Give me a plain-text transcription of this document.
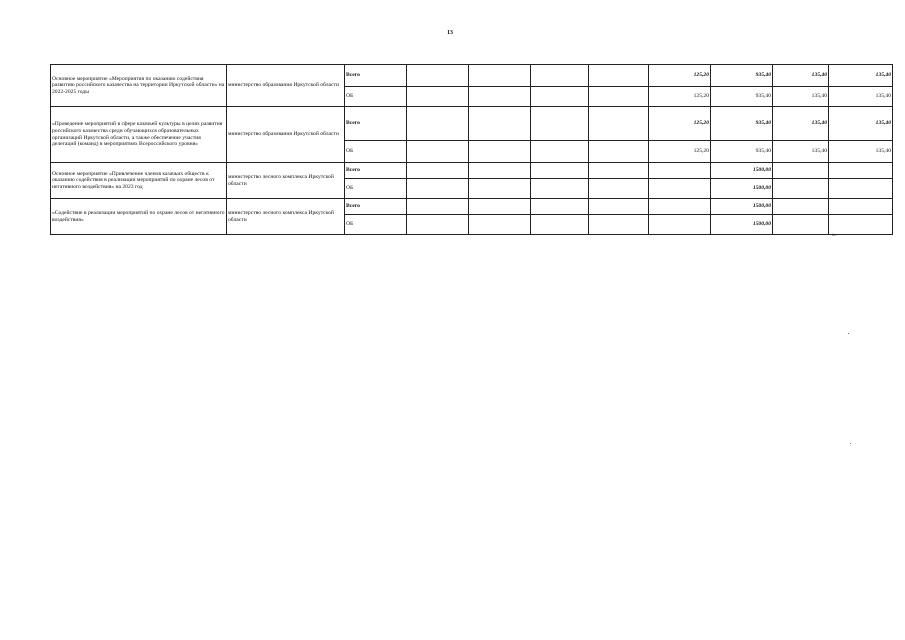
13
Основное мероприятие «Мероприятия по оказанию содействия развитию российского казачества на территории Иркутской области» на 2022-2025 годы	министерство образования Иркутской области	Всего					125,20	935,40	135,40	135,40
		ОБ					125,20	935,40	135,40	135,40
«Проведение мероприятий в сфере казачьей культуры в целях развития российского казачества среди обучающихся образовательных организаций Иркутской области, а также обеспечение участия делегаций (команд) в мероприятиях Всероссийского уровня»	министерство образования Иркутской области	Всего					125,20	935,40	135,40	135,40
		ОБ					125,20	935,40	135,40	135,40
Основное мероприятие «Привлечение членов казачьих обществ к оказанию содействия в реализации мероприятий по охране лесов от негативного воздействия» на 2023 год	министерство лесного комплекса Иркутской области	Всего						1500,00		
		ОБ						1500,00		
«Содействие в реализации мероприятий по охране лесов от негативного воздействия»	министерство лесного комплекса Иркутской области	Всего						1500,00		
		ОБ						1500,00		
».
